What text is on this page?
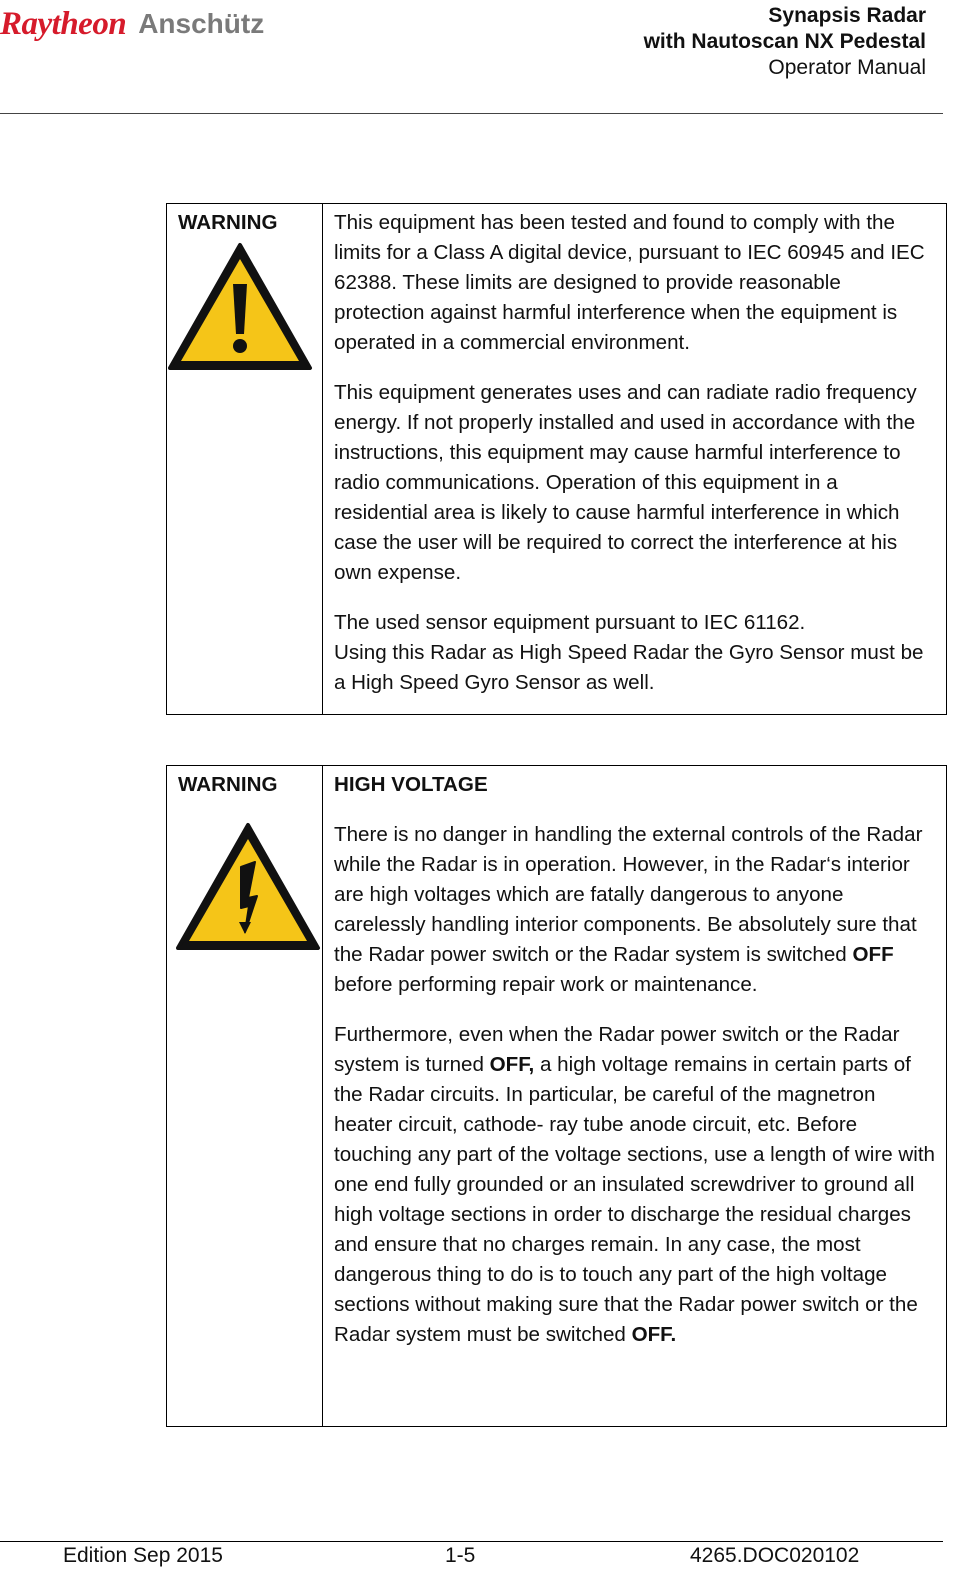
Raytheon Anschütz	Synapsis Radar
with Nautoscan NX Pedestal
Operator Manual
WARNING	This equipment has been tested and found to comply with the limits for a Class A digital device, pursuant to IEC 60945 and IEC 62388. These limits are designed to provide reasonable protection against harmful interference when the equipment is operated in a commercial environment.

This equipment generates uses and can radiate radio frequency energy. If not properly installed and used in accordance with the instructions, this equipment may cause harmful interference to radio communications. Operation of this equipment in a residential area is likely to cause harmful interference in which case the user will be required to correct the interference at his own expense.

The used sensor equipment pursuant to IEC 61162.
Using this Radar as High Speed Radar the Gyro Sensor must be a High Speed Gyro Sensor as well.

WARNING	HIGH VOLTAGE

There is no danger in handling the external controls of the Radar while the Radar is in operation. However, in the Radar‘s interior are high voltages which are fatally dangerous to anyone carelessly handling interior components. Be absolutely sure that the Radar power switch or the Radar system is switched OFF before performing repair work or maintenance.

Furthermore, even when the Radar power switch or the Radar system is turned OFF, a high voltage remains in certain parts of the Radar circuits. In particular, be careful of the magnetron heater circuit, cathode- ray tube anode circuit, etc. Before touching any part of the voltage sections, use a length of wire with one end fully grounded or an insulated screwdriver to ground all high voltage sections in order to discharge the residual charges and ensure that no charges remain. In any case, the most dangerous thing to do is to touch any part of the high voltage sections without making sure that the Radar power switch or the Radar system must be switched OFF.

Edition Sep 2015	1-5	4265.DOC020102
